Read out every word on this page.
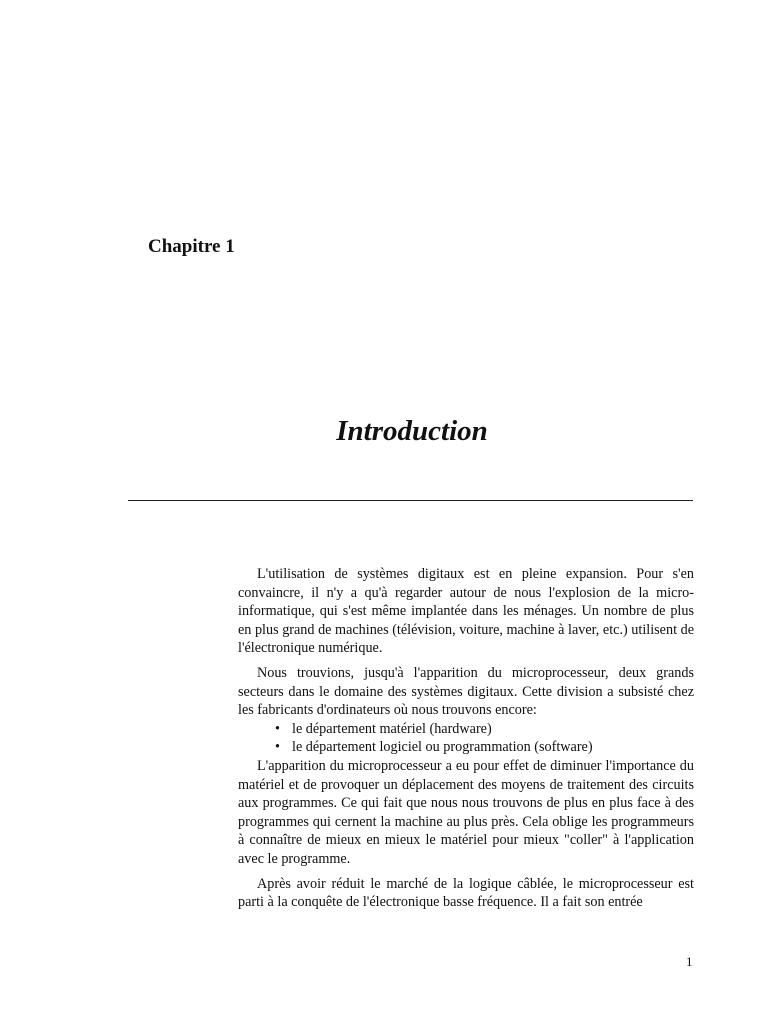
Chapitre 1
Introduction

L'utilisation de systèmes digitaux est en pleine expansion. Pour s'en convaincre, il n'y a qu'à regarder autour de nous l'explosion de la micro-informatique, qui s'est même implantée dans les ménages. Un nombre de plus en plus grand de machines (télévision, voiture, machine à laver, etc.) utilisent de l'électronique numérique.

Nous trouvions, jusqu'à l'apparition du microprocesseur, deux grands secteurs dans le domaine des systèmes digitaux. Cette division a subsisté chez les fabricants d'ordinateurs où nous trouvons encore:

• le département matériel (hardware)
• le département logiciel ou programmation (software)

L'apparition du microprocesseur a eu pour effet de diminuer l'importance du matériel et de provoquer un déplacement des moyens de traitement des circuits aux programmes. Ce qui fait que nous nous trouvons de plus en plus face à des programmes qui cernent la machine au plus près. Cela oblige les programmeurs à connaître de mieux en mieux le matériel pour mieux "coller" à l'application avec le programme.

Après avoir réduit le marché de la logique câblée, le microprocesseur est parti à la conquête de l'électronique basse fréquence. Il a fait son entrée

1
